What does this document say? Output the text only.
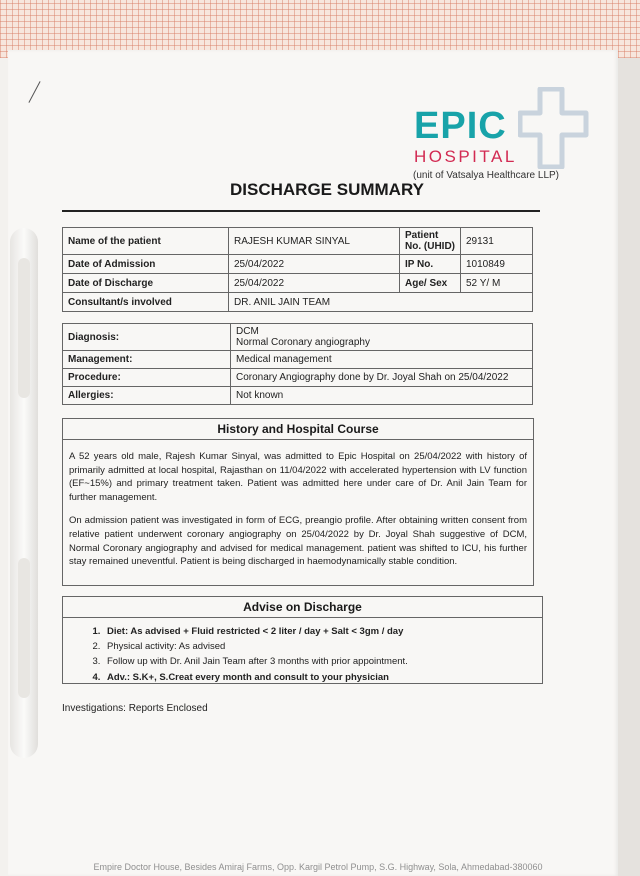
EPIC
HOSPITAL
(unit of Vatsalya Healthcare LLP)
DISCHARGE SUMMARY
Name of the patient	RAJESH KUMAR SINYAL	Patient No. (UHID)	29131
Date of Admission	25/04/2022	IP No.	1010849
Date of Discharge	25/04/2022	Age/ Sex	52 Y/ M
Consultant/s involved	DR. ANIL JAIN TEAM		
Diagnosis:	DCM
Normal Coronary angiography

Management:	Medical management
Procedure:	Coronary Angiography done by Dr. Joyal Shah on 25/04/2022
Allergies:	Not known
History and Hospital Course

A 52 years old male, Rajesh Kumar Sinyal, was admitted to Epic Hospital on 25/04/2022 with history of primarily admitted at local hospital, Rajasthan on 11/04/2022 with accelerated hypertension with LV function (EF~15%) and primary treatment taken. Patient was admitted here under care of Dr. Anil Jain Team for further management.

On admission patient was investigated in form of ECG, preangio profile. After obtaining written consent from relative patient underwent coronary angiography on 25/04/2022 by Dr. Joyal Shah suggestive of DCM, Normal Coronary angiography and advised for medical management. patient was shifted to ICU, his further stay remained uneventful. Patient is being discharged in haemodynamically stable condition.

Advise on Discharge
1. Diet: As advised + Fluid restricted < 2 liter / day + Salt < 3gm / day
2. Physical activity: As advised
3. Follow up with Dr. Anil Jain Team after 3 months with prior appointment.
4. Adv.: S.K+, S.Creat every month and consult to your physician
Investigations: Reports Enclosed
Empire Doctor House, Besides Amiraj Farms, Opp. Kargil Petrol Pump, S.G. Highway, Sola, Ahmedabad-380060
